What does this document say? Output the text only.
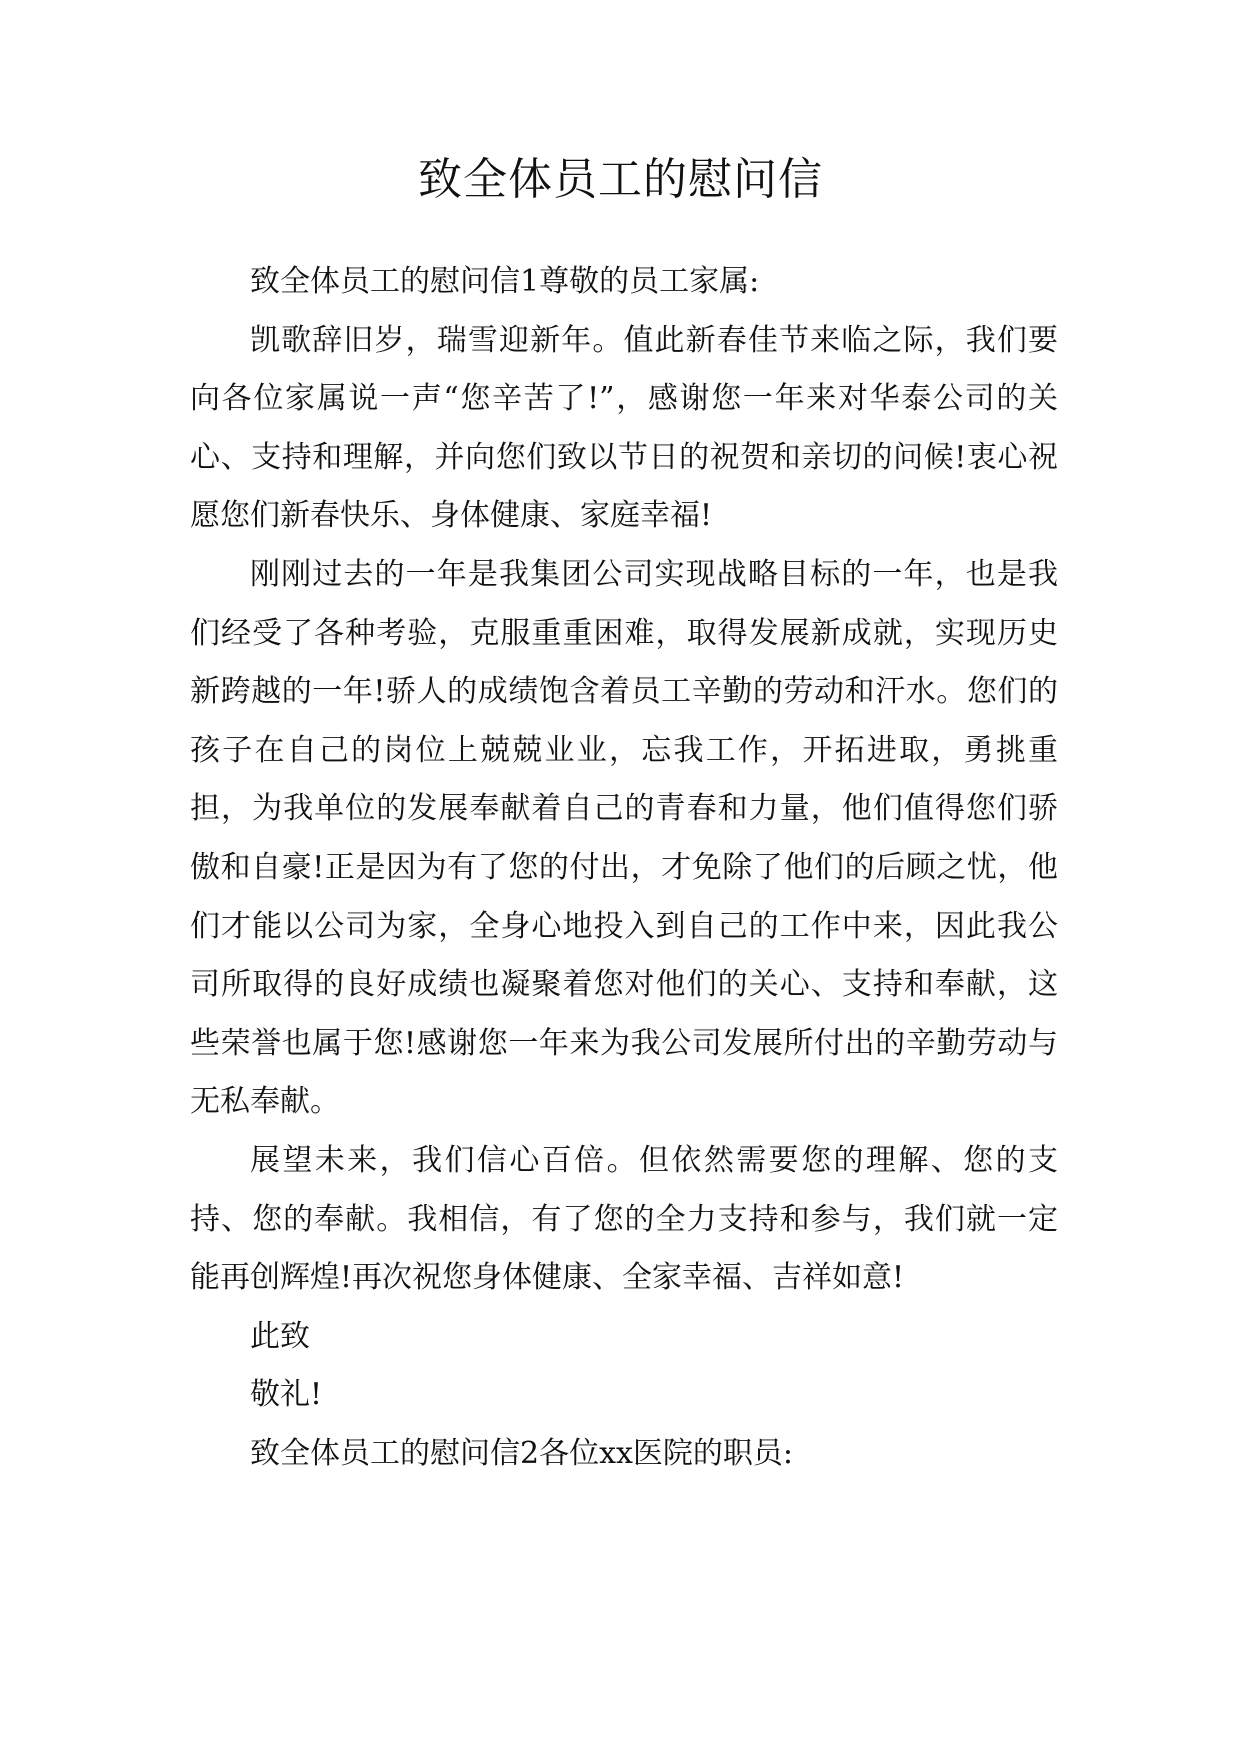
致全体员工的慰问信

致全体员工的慰问信1尊敬的员工家属:

凯歌辞旧岁，瑞雪迎新年。值此新春佳节来临之际，我们要向各位家属说一声“您辛苦了!”，感谢您一年来对华泰公司的关心、支持和理解，并向您们致以节日的祝贺和亲切的问候!衷心祝愿您们新春快乐、身体健康、家庭幸福!

刚刚过去的一年是我集团公司实现战略目标的一年，也是我们经受了各种考验，克服重重困难，取得发展新成就，实现历史新跨越的一年!骄人的成绩饱含着员工辛勤的劳动和汗水。您们的孩子在自己的岗位上兢兢业业，忘我工作，开拓进取，勇挑重担，为我单位的发展奉献着自己的青春和力量，他们值得您们骄傲和自豪!正是因为有了您的付出，才免除了他们的后顾之忧，他们才能以公司为家，全身心地投入到自己的工作中来，因此我公司所取得的良好成绩也凝聚着您对他们的关心、支持和奉献，这些荣誉也属于您!感谢您一年来为我公司发展所付出的辛勤劳动与无私奉献。

展望未来，我们信心百倍。但依然需要您的理解、您的支持、您的奉献。我相信，有了您的全力支持和参与，我们就一定能再创辉煌!再次祝您身体健康、全家幸福、吉祥如意!

此致

敬礼!

致全体员工的慰问信2各位xx医院的职员:
